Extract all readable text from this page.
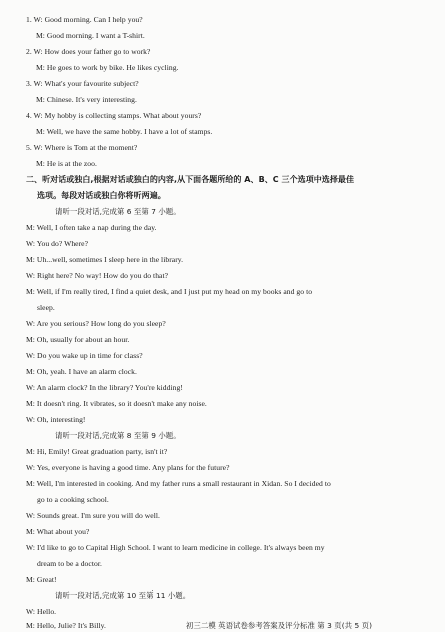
1. W: Good morning. Can I help you?
M: Good morning. I want a T-shirt.
2. W: How does your father go to work?
M: He goes to work by bike. He likes cycling.
3. W: What's your favourite subject?
M: Chinese. It's very interesting.
4. W: My hobby is collecting stamps. What about yours?
M: Well, we have the same hobby. I have a lot of stamps.
5. W: Where is Tom at the moment?
M: He is at the zoo.
二、听对话或独白,根据对话或独白的内容,从下面各题所给的 A、B、C 三个选项中选择最佳
选项。每段对话或独白你将听两遍。
请听一段对话,完成第 6 至第 7 小题。
M: Well, I often take a nap during the day.
W: You do? Where?
M: Uh...well, sometimes I sleep here in the library.
W: Right here? No way! How do you do that?
M: Well, if I'm really tired, I find a quiet desk, and I just put my head on my books and go to
sleep.
W: Are you serious? How long do you sleep?
M: Oh, usually for about an hour.
W: Do you wake up in time for class?
M: Oh, yeah. I have an alarm clock.
W: An alarm clock? In the library? You're kidding!
M: It doesn't ring. It vibrates, so it doesn't make any noise.
W: Oh, interesting!
请听一段对话,完成第 8 至第 9 小题。
M: Hi, Emily! Great graduation party, isn't it?
W: Yes, everyone is having a good time. Any plans for the future?
M: Well, I'm interested in cooking. And my father runs a small restaurant in Xidan. So I decided to
go to a cooking school.
W: Sounds great. I'm sure you will do well.
M: What about you?
W: I'd like to go to Capital High School. I want to learn medicine in college. It's always been my
dream to be a doctor.
M: Great!
请听一段对话,完成第 10 至第 11 小题。
W: Hello.
M: Hello, Julie? It's Billy.	初三二模 英语试卷参考答案及评分标准 第 3 页(共 5 页)
